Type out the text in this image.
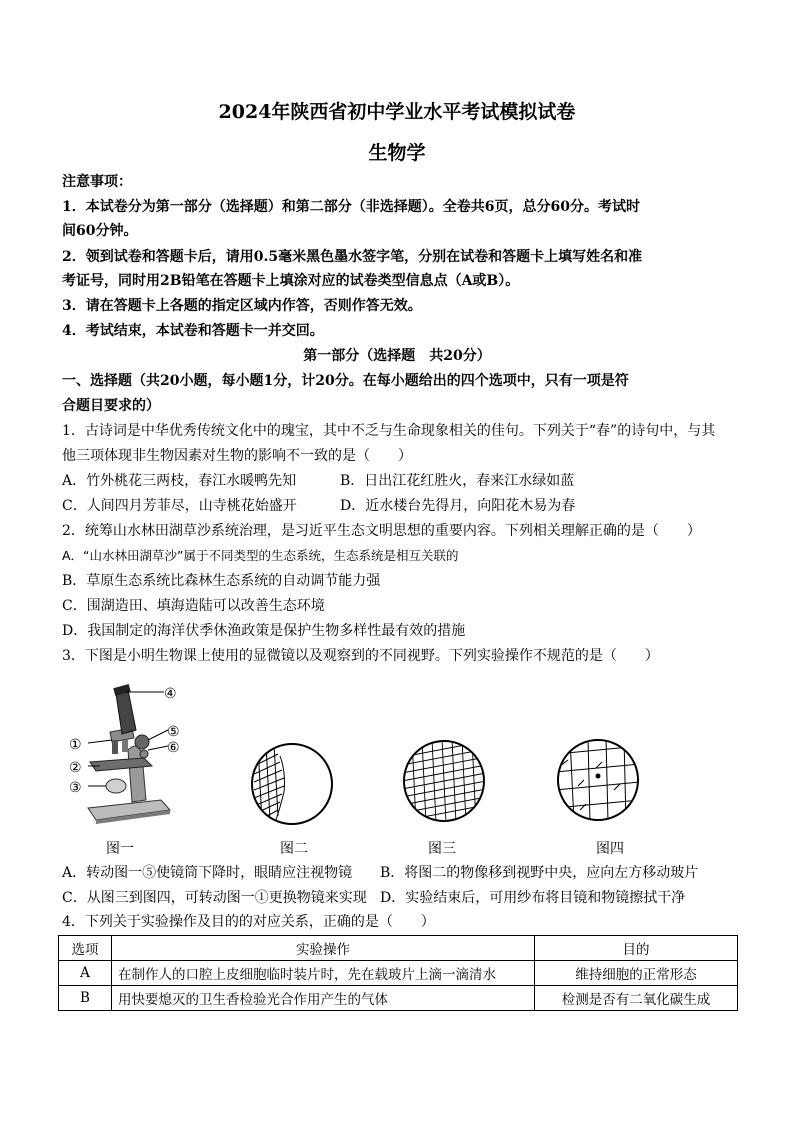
2024年陕西省初中学业水平考试模拟试卷
生物学
注意事项：
1．本试卷分为第一部分（选择题）和第二部分（非选择题）。全卷共6页，总分60分。考试时
间60分钟。
2．领到试卷和答题卡后，请用0.5毫米黑色墨水签字笔，分别在试卷和答题卡上填写姓名和准
考证号，同时用2B铅笔在答题卡上填涂对应的试卷类型信息点（A或B）。
3．请在答题卡上各题的指定区域内作答，否则作答无效。
4．考试结束，本试卷和答题卡一并交回。
第一部分（选择题　共20分）
一、选择题（共20小题，每小题1分，计20分。在每小题给出的四个选项中，只有一项是符
合题目要求的）
1．古诗词是中华优秀传统文化中的瑰宝，其中不乏与生命现象相关的佳句。下列关于“春”的诗句中，与其
他三项体现非生物因素对生物的影响不一致的是（　　）
A．竹外桃花三两枝，春江水暖鸭先知	B．日出江花红胜火，春来江水绿如蓝
C．人间四月芳菲尽，山寺桃花始盛开	D．近水楼台先得月，向阳花木易为春
2．统筹山水林田湖草沙系统治理，是习近平生态文明思想的重要内容。下列相关理解正确的是（　　）
A．“山水林田湖草沙”属于不同类型的生态系统，生态系统是相互关联的
B．草原生态系统比森林生态系统的自动调节能力强
C．围湖造田、填海造陆可以改善生态环境
D．我国制定的海洋伏季休渔政策是保护生物多样性最有效的措施
3．下图是小明生物课上使用的显微镜以及观察到的不同视野。下列实验操作不规范的是（　　）
④
⑤
⑥
①
②
③
图一	图二	图三	图四
A．转动图一⑤使镜筒下降时，眼睛应注视物镜 B．将图二的物像移到视野中央，应向左方移动玻片
C．从图三到图四，可转动图一①更换物镜来实现 D．实验结束后，可用纱布将目镜和物镜擦拭干净
4．下列关于实验操作及目的的对应关系，正确的是（　　）
选项	实验操作	目的
A	在制作人的口腔上皮细胞临时装片时，先在载玻片上滴一滴清水	维持细胞的正常形态
B	用快要熄灭的卫生香检验光合作用产生的气体	检测是否有二氧化碳生成
